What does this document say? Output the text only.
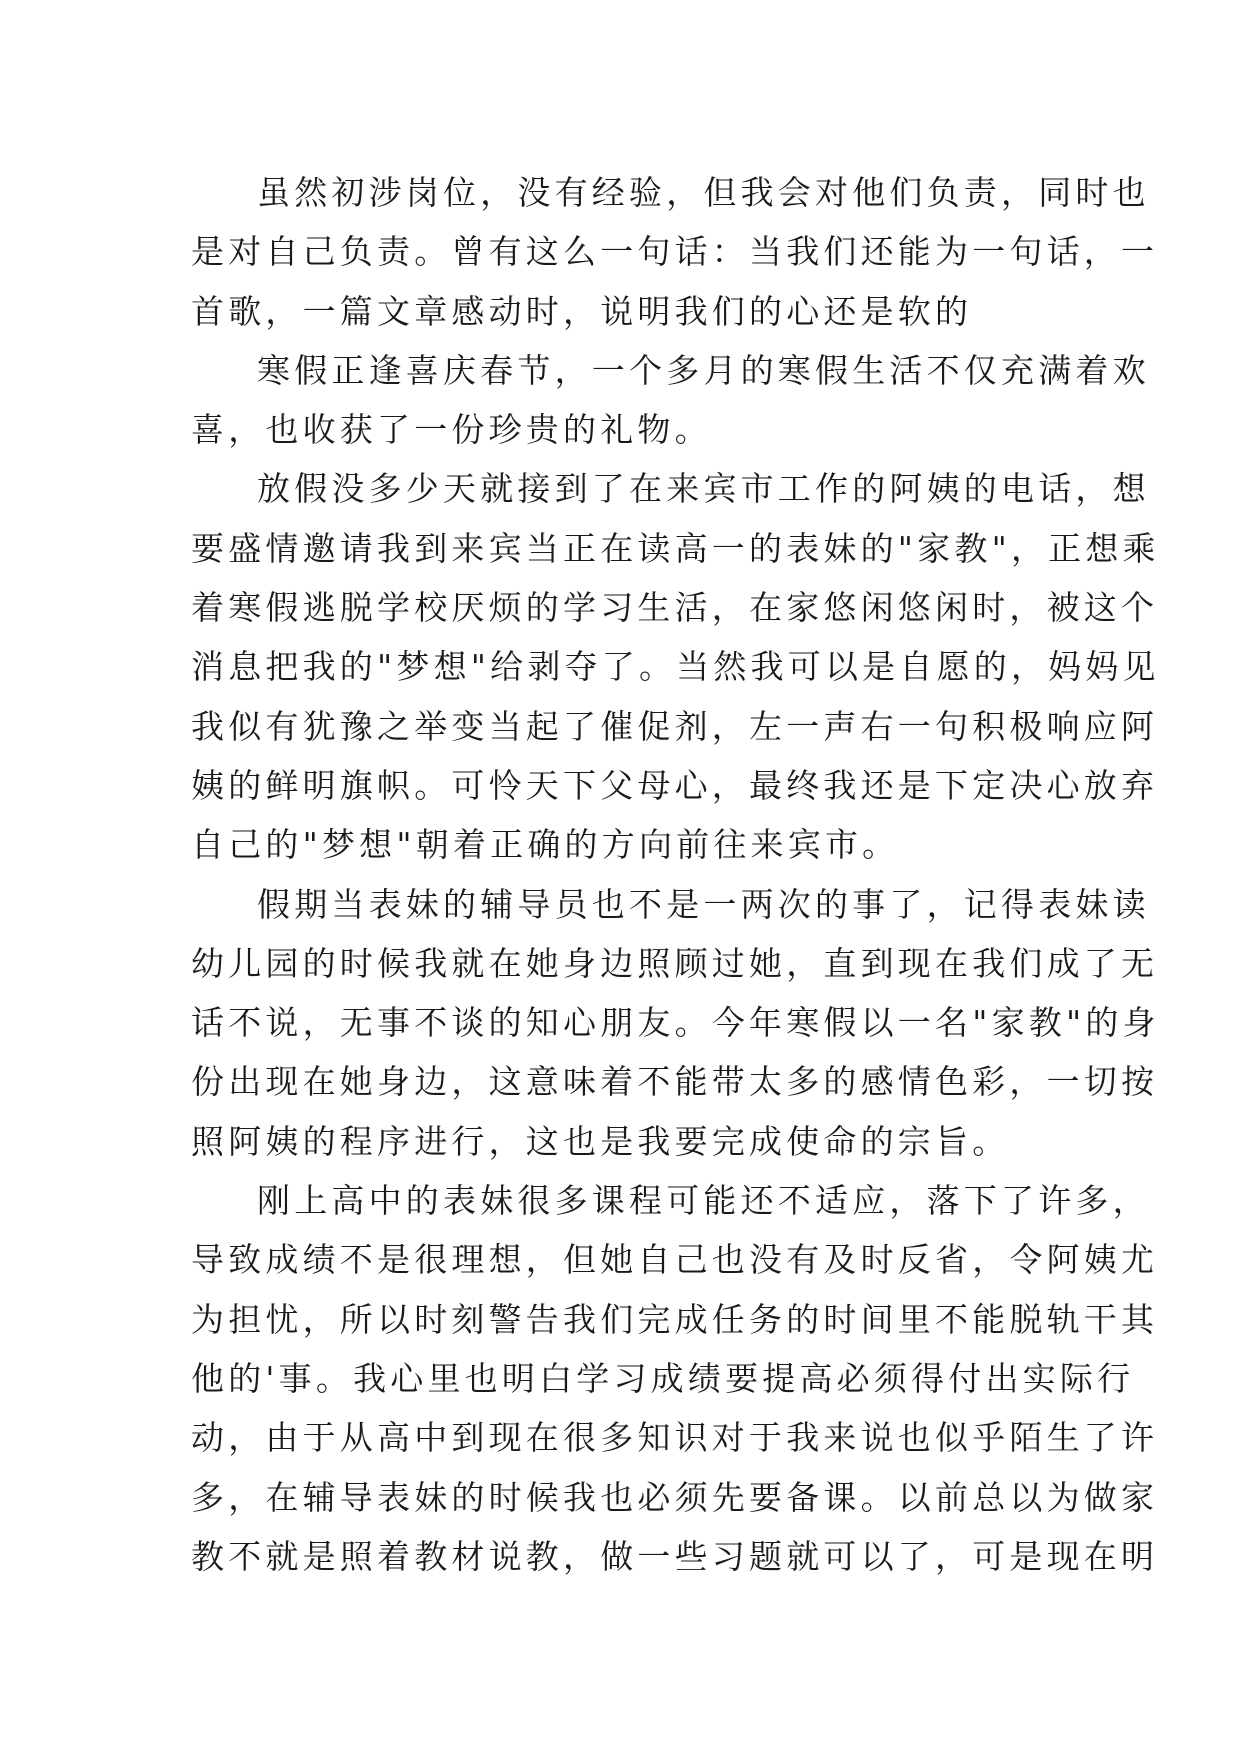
虽然初涉岗位，没有经验，但我会对他们负责，同时也
是对自己负责。曾有这么一句话：当我们还能为一句话，一
首歌，一篇文章感动时，说明我们的心还是软的

寒假正逢喜庆春节，一个多月的寒假生活不仅充满着欢
喜，也收获了一份珍贵的礼物。

放假没多少天就接到了在来宾市工作的阿姨的电话，想
要盛情邀请我到来宾当正在读高一的表妹的"家教"，正想乘
着寒假逃脱学校厌烦的学习生活，在家悠闲悠闲时，被这个
消息把我的"梦想"给剥夺了。当然我可以是自愿的，妈妈见
我似有犹豫之举变当起了催促剂，左一声右一句积极响应阿
姨的鲜明旗帜。可怜天下父母心，最终我还是下定决心放弃
自己的"梦想"朝着正确的方向前往来宾市。

假期当表妹的辅导员也不是一两次的事了，记得表妹读
幼儿园的时候我就在她身边照顾过她，直到现在我们成了无
话不说，无事不谈的知心朋友。今年寒假以一名"家教"的身
份出现在她身边，这意味着不能带太多的感情色彩，一切按
照阿姨的程序进行，这也是我要完成使命的宗旨。

刚上高中的表妹很多课程可能还不适应，落下了许多，
导致成绩不是很理想，但她自己也没有及时反省，令阿姨尤
为担忧，所以时刻警告我们完成任务的时间里不能脱轨干其
他的'事。我心里也明白学习成绩要提高必须得付出实际行
动，由于从高中到现在很多知识对于我来说也似乎陌生了许
多，在辅导表妹的时候我也必须先要备课。以前总以为做家
教不就是照着教材说教，做一些习题就可以了，可是现在明
